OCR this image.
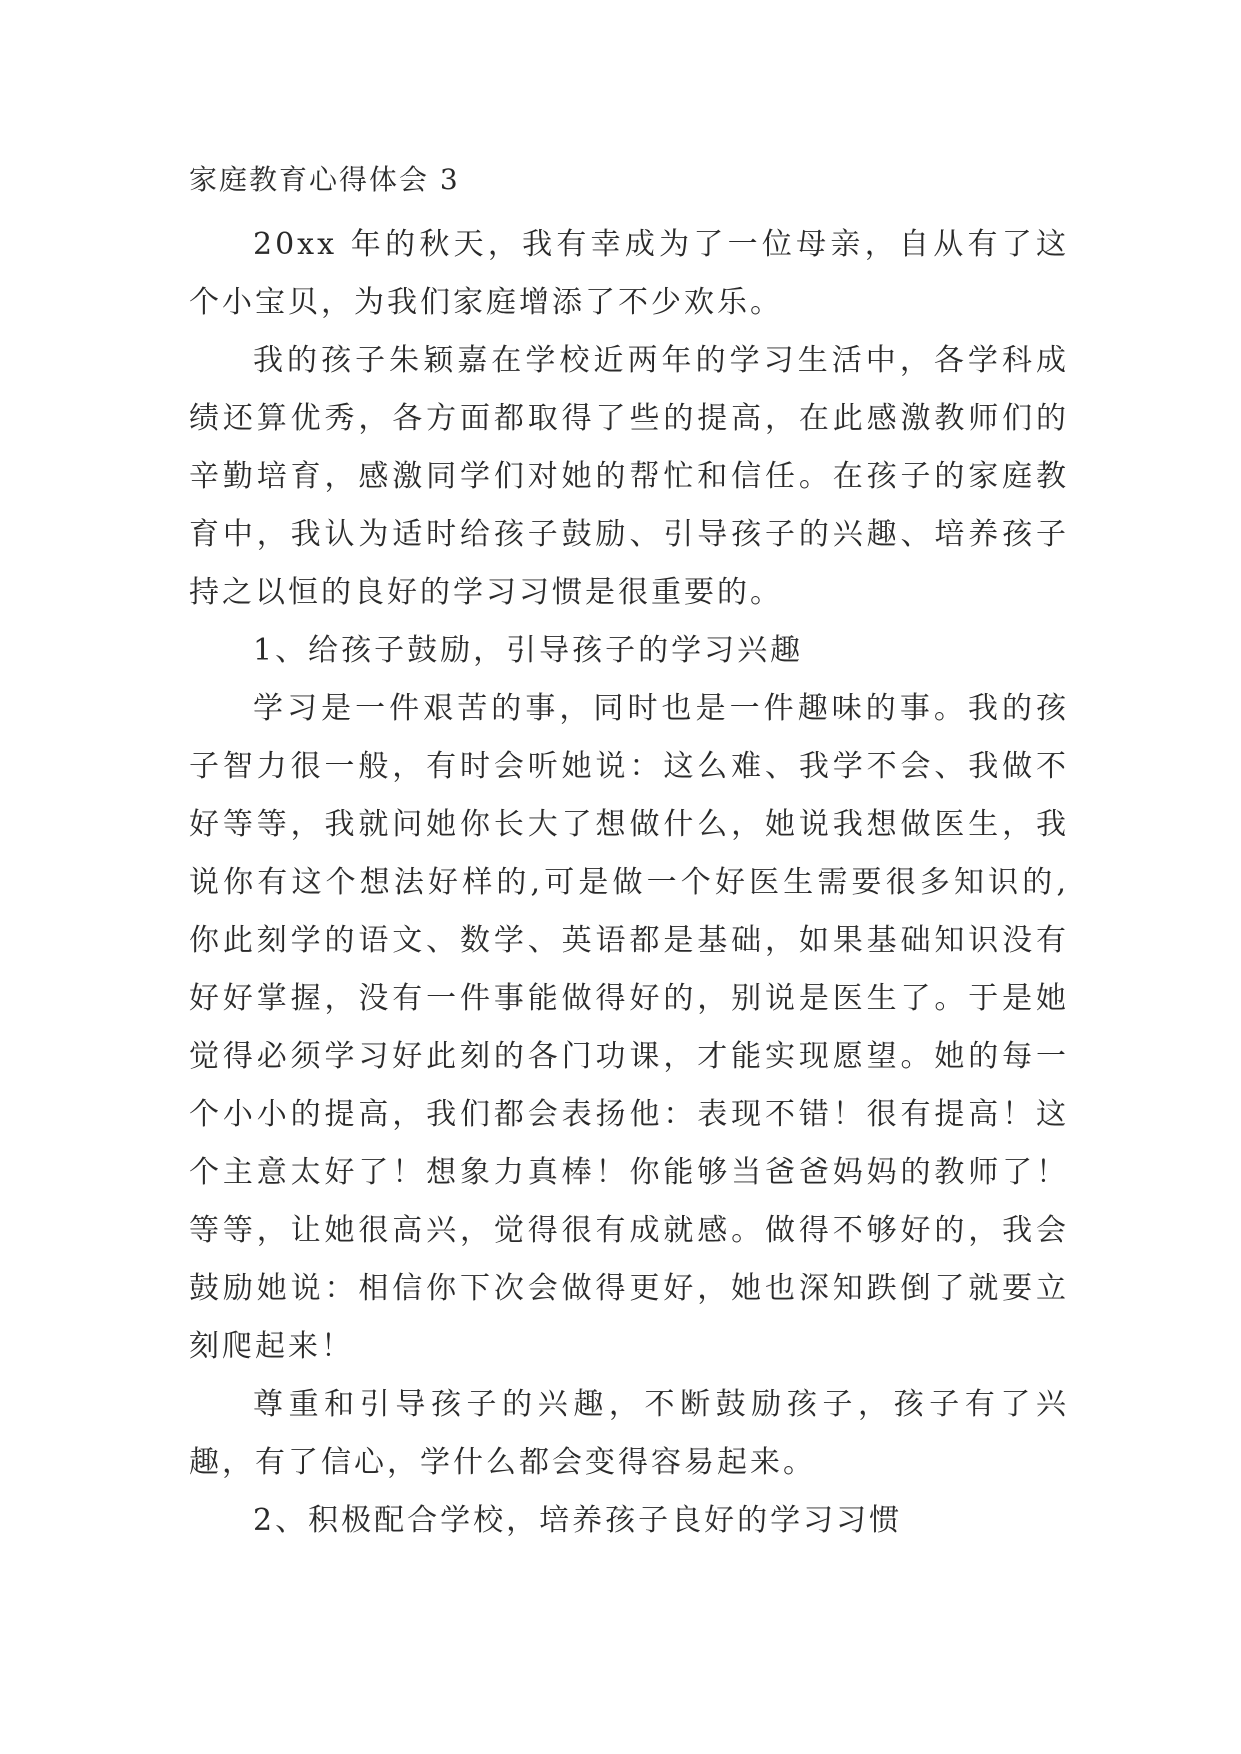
家庭教育心得体会 3

20xx 年的秋天，我有幸成为了一位母亲，自从有了这个小宝贝，为我们家庭增添了不少欢乐。

我的孩子朱颖嘉在学校近两年的学习生活中，各学科成绩还算优秀，各方面都取得了些的提高，在此感激教师们的辛勤培育，感激同学们对她的帮忙和信任。在孩子的家庭教育中，我认为适时给孩子鼓励、引导孩子的兴趣、培养孩子持之以恒的良好的学习习惯是很重要的。

1、给孩子鼓励，引导孩子的学习兴趣

学习是一件艰苦的事，同时也是一件趣味的事。我的孩子智力很一般，有时会听她说：这么难、我学不会、我做不好等等，我就问她你长大了想做什么，她说我想做医生，我说你有这个想法好样的,可是做一个好医生需要很多知识的,你此刻学的语文、数学、英语都是基础，如果基础知识没有好好掌握，没有一件事能做得好的，别说是医生了。于是她觉得必须学习好此刻的各门功课，才能实现愿望。她的每一个小小的提高，我们都会表扬他：表现不错！很有提高！这个主意太好了！想象力真棒！你能够当爸爸妈妈的教师了！等等，让她很高兴，觉得很有成就感。做得不够好的，我会鼓励她说：相信你下次会做得更好，她也深知跌倒了就要立刻爬起来！

尊重和引导孩子的兴趣，不断鼓励孩子，孩子有了兴趣，有了信心，学什么都会变得容易起来。

2、积极配合学校，培养孩子良好的学习习惯
